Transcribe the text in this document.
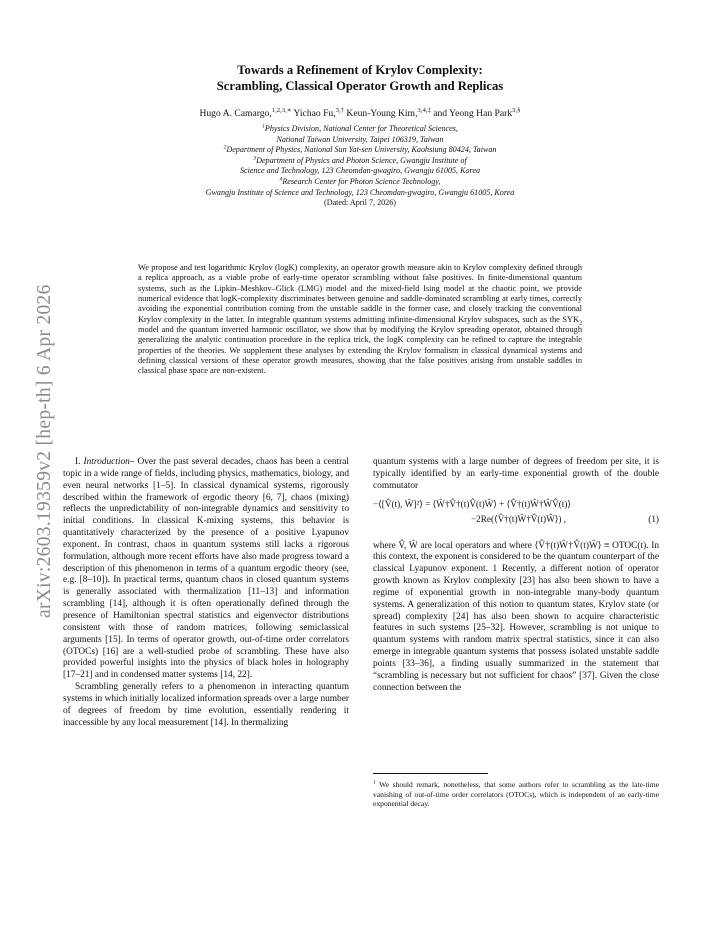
arXiv:2603.19359v2 [hep-th] 6 Apr 2026
Towards a Refinement of Krylov Complexity:
Scrambling, Classical Operator Growth and Replicas
Hugo A. Camargo,$^{1,2,3,∗}$ Yichao Fu,$^{3,\dagger}$ Keun-Young Kim,$^{3,4,\ddagger}$ and Yeong Han Park$^{3,\S}$
$^1$Physics Division, National Center for Theoretical Sciences,
National Taiwan University, Taipei 106319, Taiwan
$^2$Department of Physics, National Sun Yat-sen University, Kaohsiung 80424, Taiwan
$^3$Department of Physics and Photon Science, Gwangju Institute of
Science and Technology, 123 Cheomdan-gwagiro, Gwangju 61005, Korea
$^4$Research Center for Photon Science Technology,
Gwangju Institute of Science and Technology, 123 Cheomdan-gwagiro, Gwangju 61005, Korea
(Dated: April 7, 2026)
We propose and test logarithmic Krylov (logK) complexity, an operator growth measure akin to Krylov complexity defined through a replica approach, as a viable probe of early-time operator scrambling without false positives. In finite-dimensional quantum systems, such as the Lipkin–Meshkov–Glick (LMG) model and the mixed-field Ising model at the chaotic point, we provide numerical evidence that logK-complexity discriminates between genuine and saddle-dominated scrambling at early times, correctly avoiding the exponential contribution coming from the unstable saddle in the former case, and closely tracking the conventional Krylov complexity in the latter. In integrable quantum systems admitting infinite-dimensional Krylov subspaces, such as the $SYK_2$ model and the quantum inverted harmonic oscillator, we show that by modifying the Krylov spreading operator, obtained through generalizing the analytic continuation procedure in the replica trick, the logK complexity can be refined to capture the integrable properties of the theories. We supplement these analyses by extending the Krylov formalism in classical dynamical systems and defining classical versions of these operator growth measures, showing that the false positives arising from unstable saddles in classical phase space are non-existent.

I. Introduction– Over the past several decades, chaos has been a central topic in a wide range of fields, including physics, mathematics, biology, and even neural networks [1–5]. In classical dynamical systems, rigorously described within the framework of ergodic theory [6, 7], chaos (mixing) reflects the unpredictability of non-integrable dynamics and sensitivity to initial conditions. In classical K-mixing systems, this behavior is quantitatively characterized by the presence of a positive Lyapunov exponent. In contrast, chaos in quantum systems still lacks a rigorous formulation, although more recent efforts have also made progress toward a description of this phenomenon in terms of a quantum ergodic theory (see, e.g. [8–10]). In practical terms, quantum chaos in closed quantum systems is generally associated with thermalization [11–13] and information scrambling [14], although it is often operationally defined through the presence of Hamiltonian spectral statistics and eigenvector distributions consistent with those of random matrices, following semiclassical arguments [15]. In terms of operator growth, out-of-time order correlators (OTOCs) [16] are a well-studied probe of scrambling. These have also provided powerful insights into the physics of black holes in holography [17–21] and in condensed matter systems [14, 22].

Scrambling generally refers to a phenomenon in interacting quantum systems in which initially localized information spreads over a large number of degrees of freedom by time evolution, essentially rendering it inaccessible by any local measurement [14]. In thermalizing

quantum systems with a large number of degrees of freedom per site, it is typically identified by an early-time exponential growth of the double commutator

−⟨[V̂(t), Ŵ]²⟩ = ⟨Ŵ†V̂†(t)V̂(t)Ŵ⟩ + ⟨V̂†(t)Ŵ†ŴV̂(t)⟩
−2Re(⟨V̂†(t)Ŵ†V̂(t)Ŵ⟩) ,	(1)

where V̂, Ŵ are local operators and where ⟨V̂†(t)Ŵ†V̂(t)Ŵ⟩ ≡ OTOC(t). In this context, the exponent is considered to be the quantum counterpart of the classical Lyapunov exponent. 1 Recently, a different notion of operator growth known as Krylov complexity [23] has also been shown to have a regime of exponential growth in non-integrable many-body quantum systems. A generalization of this notion to quantum states, Krylov state (or spread) complexity [24] has also been shown to acquire characteristic features in such systems [25–32]. However, scrambling is not unique to quantum systems with random matrix spectral statistics, since it can also emerge in integrable quantum systems that possess isolated unstable saddle points [33–36], a finding usually summarized in the statement that “scrambling is necessary but not sufficient for chaos” [37]. Given the close connection between the

$^1$ We should remark, nonetheless, that some authors refer to scrambling as the late-time vanishing of out-of-time order correlators (OTOCs), which is independent of an early-time exponential decay.
